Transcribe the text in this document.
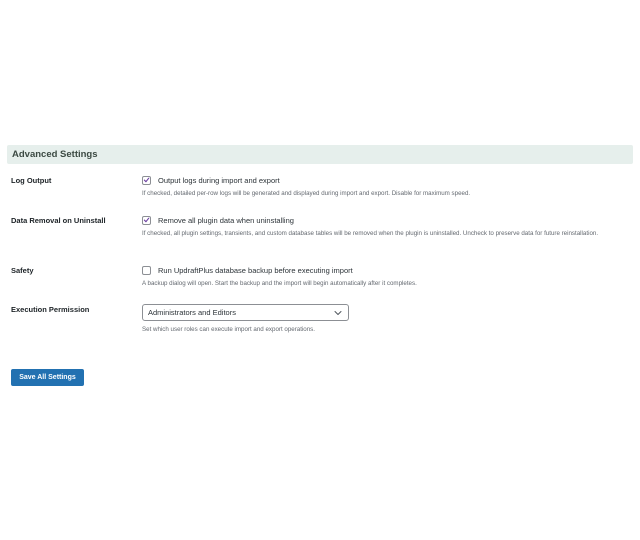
Advanced Settings
Log Output	Output logs during import and export
If checked, detailed per-row logs will be generated and displayed during import and export. Disable for maximum speed.
Data Removal on Uninstall	Remove all plugin data when uninstalling
If checked, all plugin settings, transients, and custom database tables will be removed when the plugin is uninstalled. Uncheck to preserve data for future reinstallation.
Safety	Run UpdraftPlus database backup before executing import
A backup dialog will open. Start the backup and the import will begin automatically after it completes.
Execution Permission	Administrators and Editors
Set which user roles can execute import and export operations.
Save All Settings
